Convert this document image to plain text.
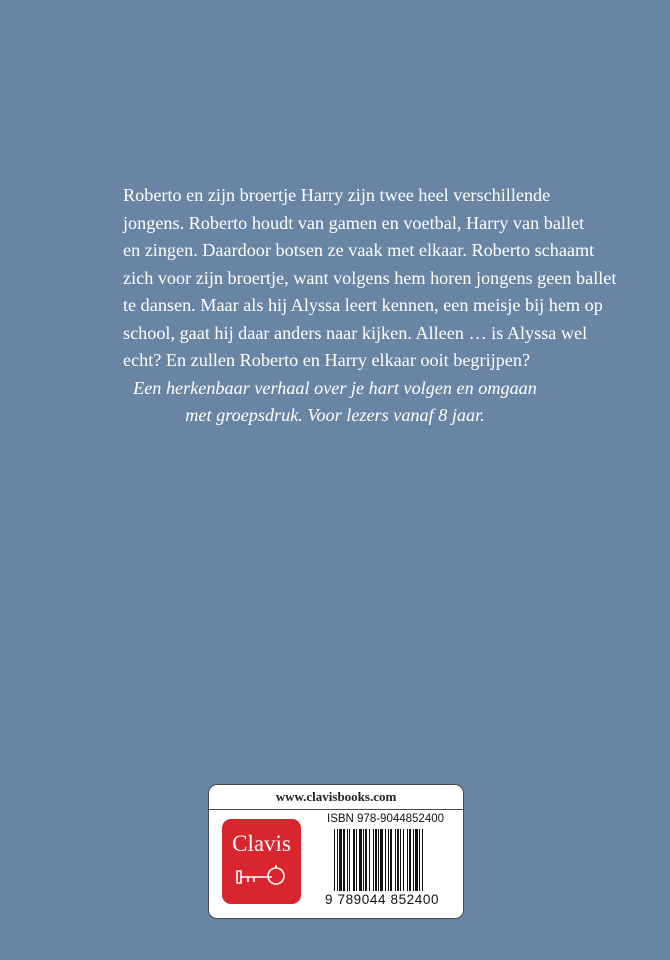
Roberto en zijn broertje Harry zijn twee heel verschillende
jongens. Roberto houdt van gamen en voetbal, Harry van ballet
en zingen. Daardoor botsen ze vaak met elkaar. Roberto schaamt
zich voor zijn broertje, want volgens hem horen jongens geen ballet
te dansen. Maar als hij Alyssa leert kennen, een meisje bij hem op
school, gaat hij daar anders naar kijken. Alleen … is Alyssa wel
echt? En zullen Roberto en Harry elkaar ooit begrijpen?
Een herkenbaar verhaal over je hart volgen en omgaan
met groepsdruk. Voor lezers vanaf 8 jaar.
www.clavisbooks.com
Clavis
ISBN 978-9044852400
9 789044 852400
